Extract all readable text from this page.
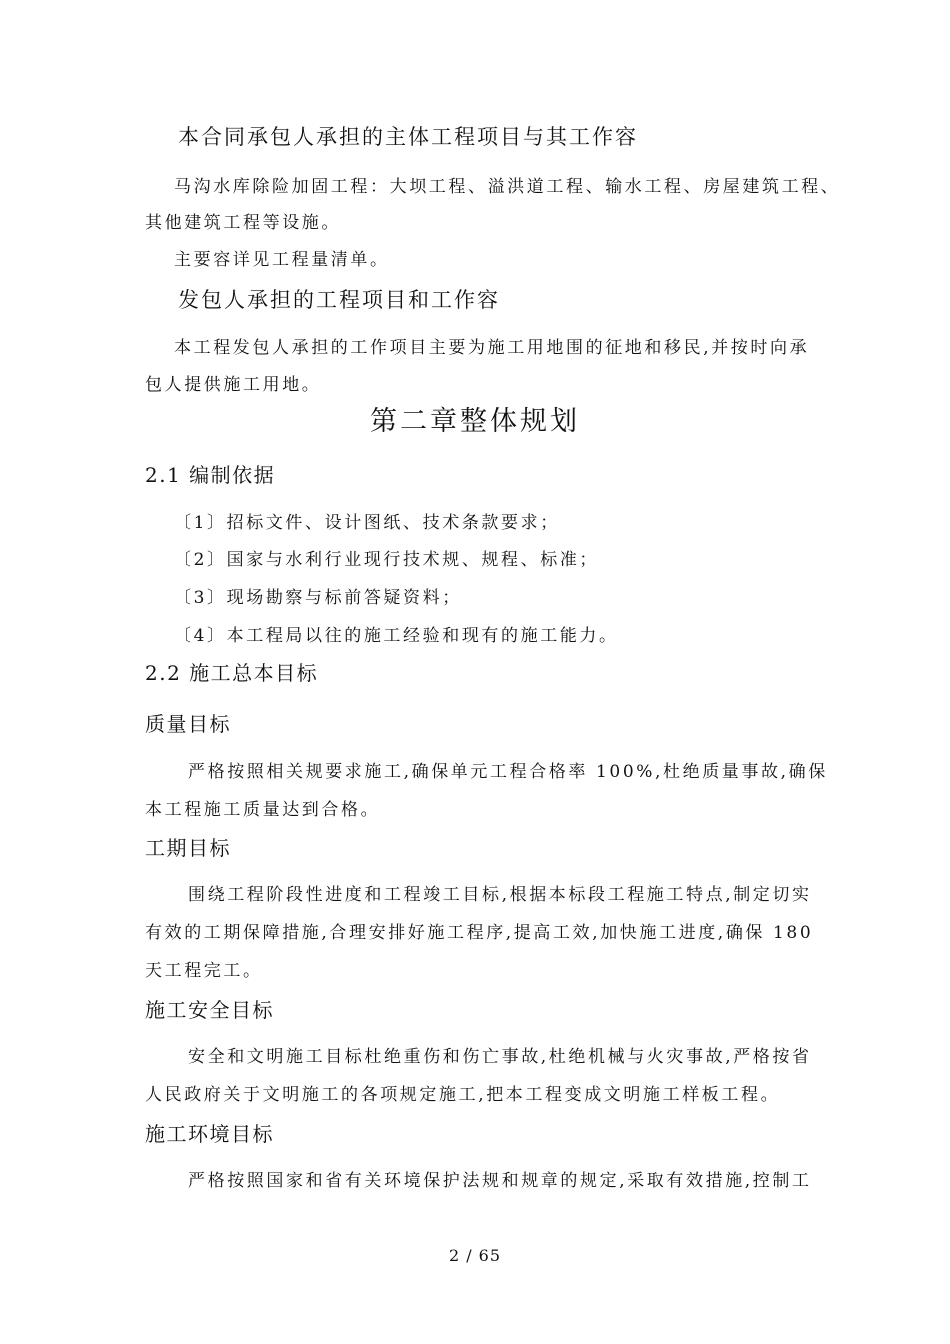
本合同承包人承担的主体工程项目与其工作容

马沟水库除险加固工程：大坝工程、溢洪道工程、输水工程、房屋建筑工程、

其他建筑工程等设施。

主要容详见工程量清单。

发包人承担的工程项目和工作容

本工程发包人承担的工作项目主要为施工用地围的征地和移民,并按时向承

包人提供施工用地。

第二章整体规划
2.1 编制依据

〔1〕招标文件、设计图纸、技术条款要求；

〔2〕国家与水利行业现行技术规、规程、标准；

〔3〕现场勘察与标前答疑资料；

〔4〕本工程局以往的施工经验和现有的施工能力。

2.2 施工总本目标
质量目标

严格按照相关规要求施工,确保单元工程合格率 100%,杜绝质量事故,确保

本工程施工质量达到合格。

工期目标

围绕工程阶段性进度和工程竣工目标,根据本标段工程施工特点,制定切实

有效的工期保障措施,合理安排好施工程序,提高工效,加快施工进度,确保 180

天工程完工。

施工安全目标

安全和文明施工目标杜绝重伤和伤亡事故,杜绝机械与火灾事故,严格按省

人民政府关于文明施工的各项规定施工,把本工程变成文明施工样板工程。

施工环境目标

严格按照国家和省有关环境保护法规和规章的规定,采取有效措施,控制工

2 / 65
